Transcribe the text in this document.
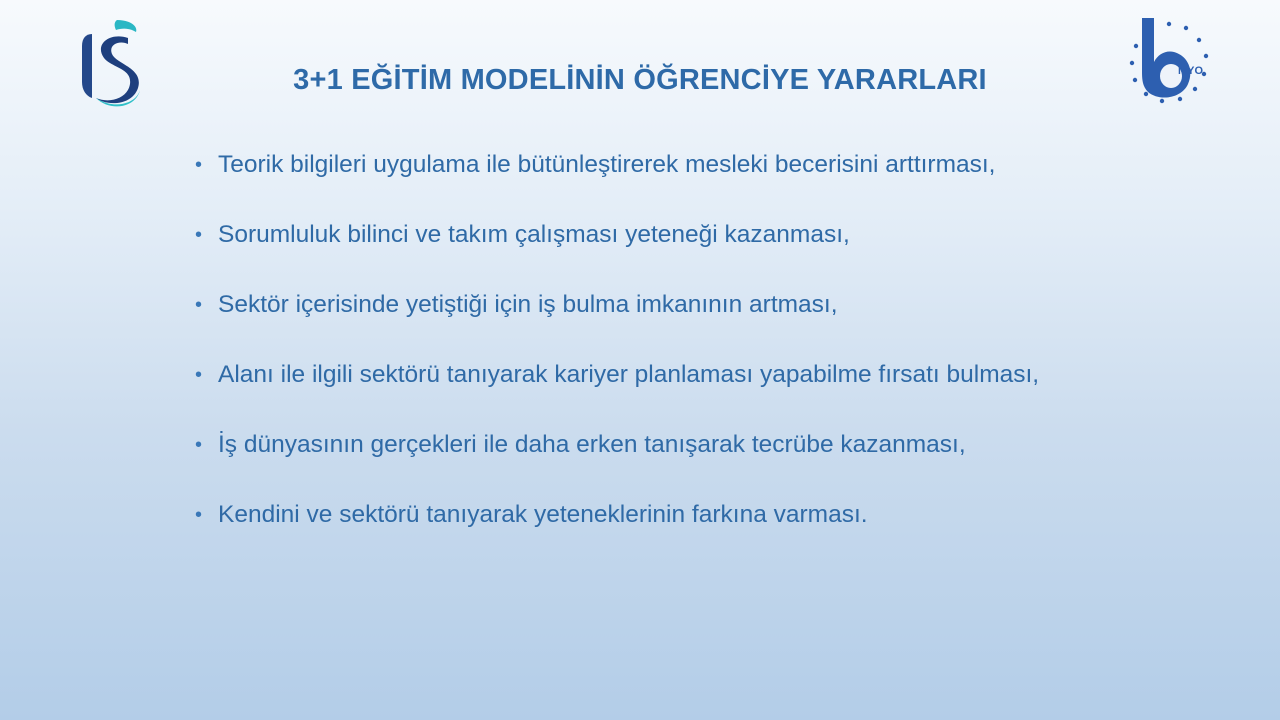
MYO
3+1 EĞİTİM MODELİNİN ÖĞRENCİYE YARARLARI
• Teorik bilgileri uygulama ile bütünleştirerek mesleki becerisini arttırması,
• Sorumluluk bilinci ve takım çalışması yeteneği kazanması,
• Sektör içerisinde yetiştiği için iş bulma imkanının artması,
• Alanı ile ilgili sektörü tanıyarak kariyer planlaması yapabilme fırsatı bulması,
• İş dünyasının gerçekleri ile daha erken tanışarak tecrübe kazanması,
• Kendini ve sektörü tanıyarak yeteneklerinin farkına varması.
